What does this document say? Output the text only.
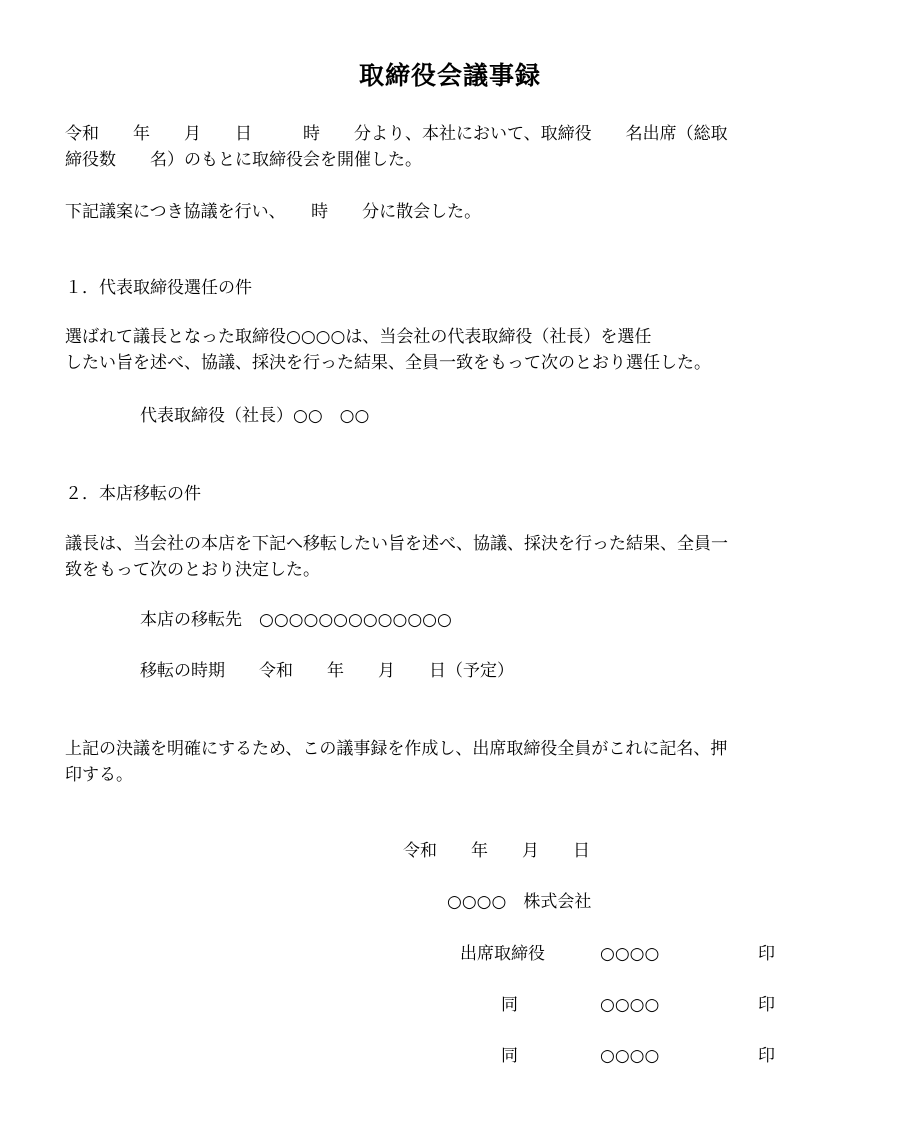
取締役会議事録
令和　　年　　月　　日　　　時　　分より、本社において、取締役　　名出席（総取
締役数　　名）のもとに取締役会を開催した。
下記議案につき協議を行い、　　時　　分に散会した。
１．代表取締役選任の件
選ばれて議長となった取締役○○○○は、当会社の代表取締役（社長）を選任
したい旨を述べ、協議、採決を行った結果、全員一致をもって次のとおり選任した。
代表取締役（社長）○○　○○
２．本店移転の件
議長は、当会社の本店を下記へ移転したい旨を述べ、協議、採決を行った結果、全員一
致をもって次のとおり決定した。
本店の移転先　○○○○○○○○○○○○○
移転の時期　　令和　　年　　月　　日（予定）
上記の決議を明確にするため、この議事録を作成し、出席取締役全員がこれに記名、押
印する。
令和　　年　　月　　日
○○○○　株式会社
出席取締役	○○○○	印
同	○○○○	印
同	○○○○	印
